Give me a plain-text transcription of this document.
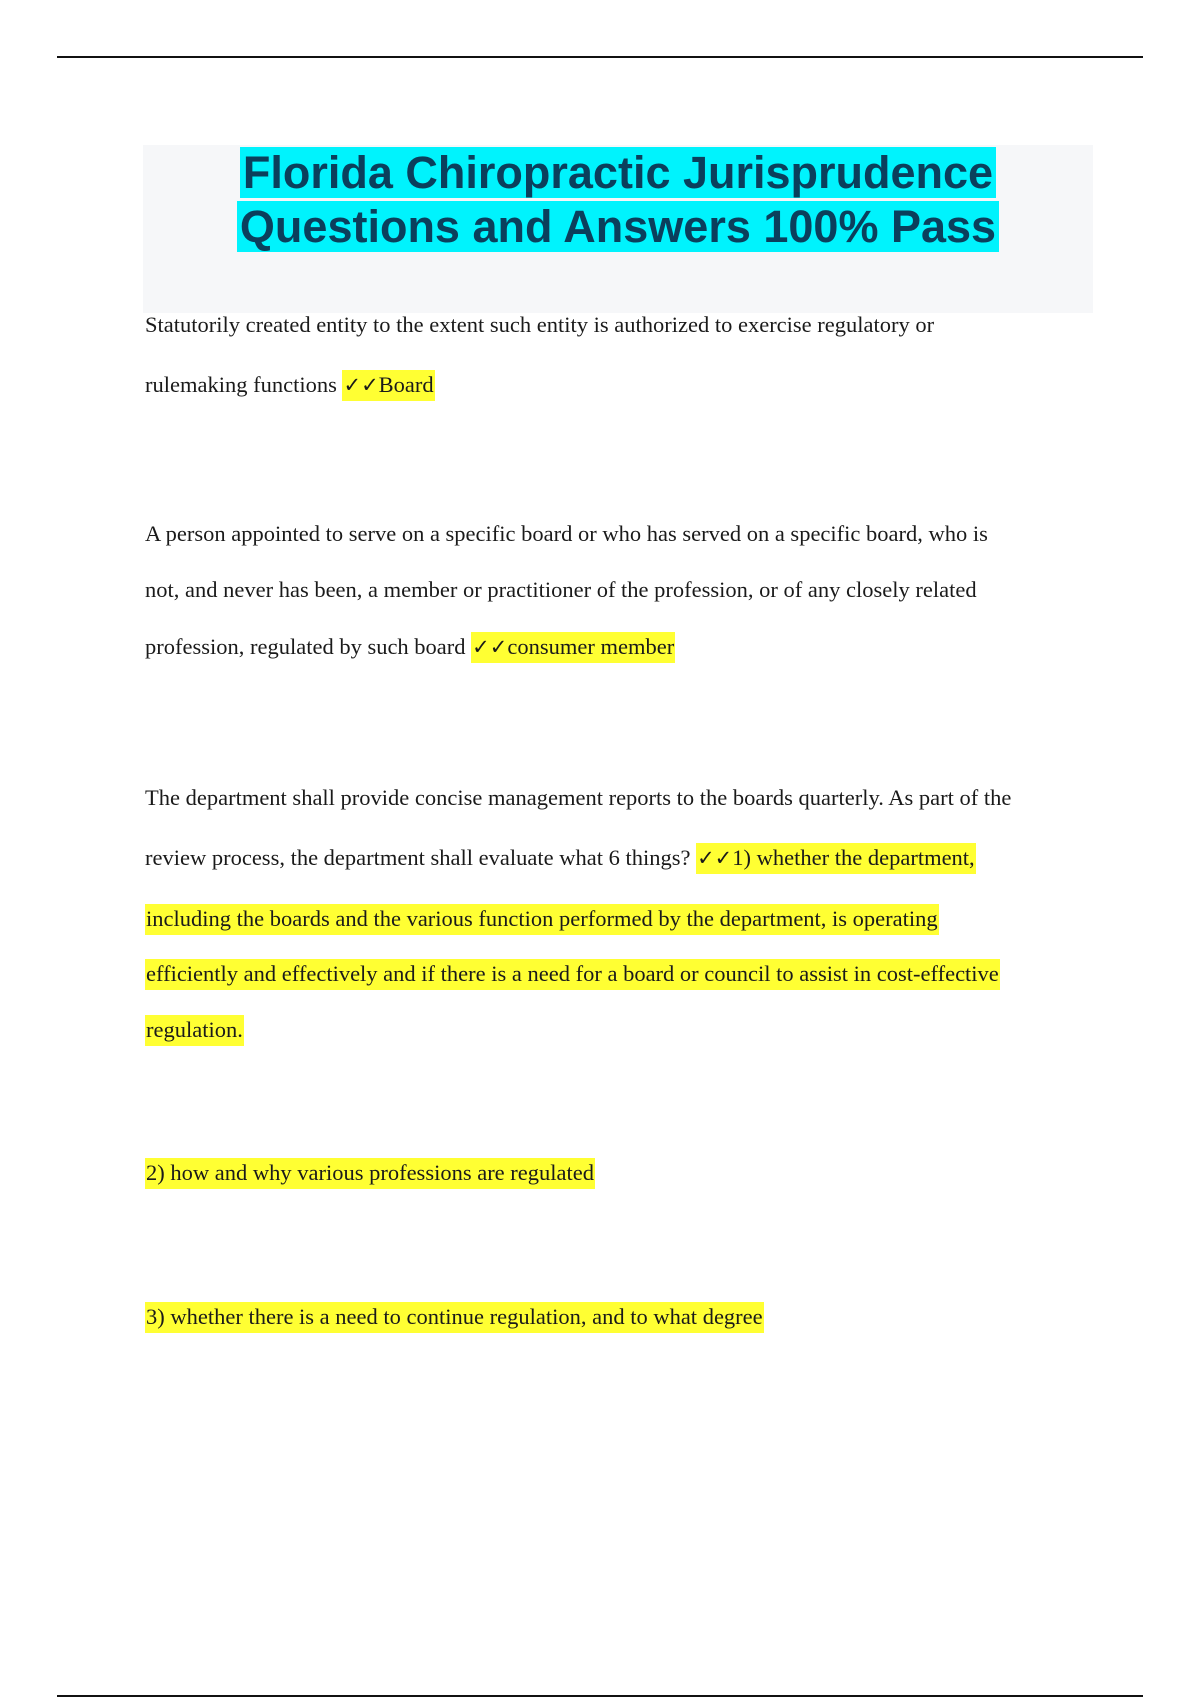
Florida Chiropractic Jurisprudence
Questions and Answers 100% Pass

Statutorily created entity to the extent such entity is authorized to exercise regulatory or

rulemaking functions ✓✓Board

A person appointed to serve on a specific board or who has served on a specific board, who is

not, and never has been, a member or practitioner of the profession, or of any closely related

profession, regulated by such board ✓✓consumer member

The department shall provide concise management reports to the boards quarterly. As part of the

review process, the department shall evaluate what 6 things? ✓✓1) whether the department,

including the boards and the various function performed by the department, is operating

efficiently and effectively and if there is a need for a board or council to assist in cost-effective

regulation.

2) how and why various professions are regulated

3) whether there is a need to continue regulation, and to what degree
